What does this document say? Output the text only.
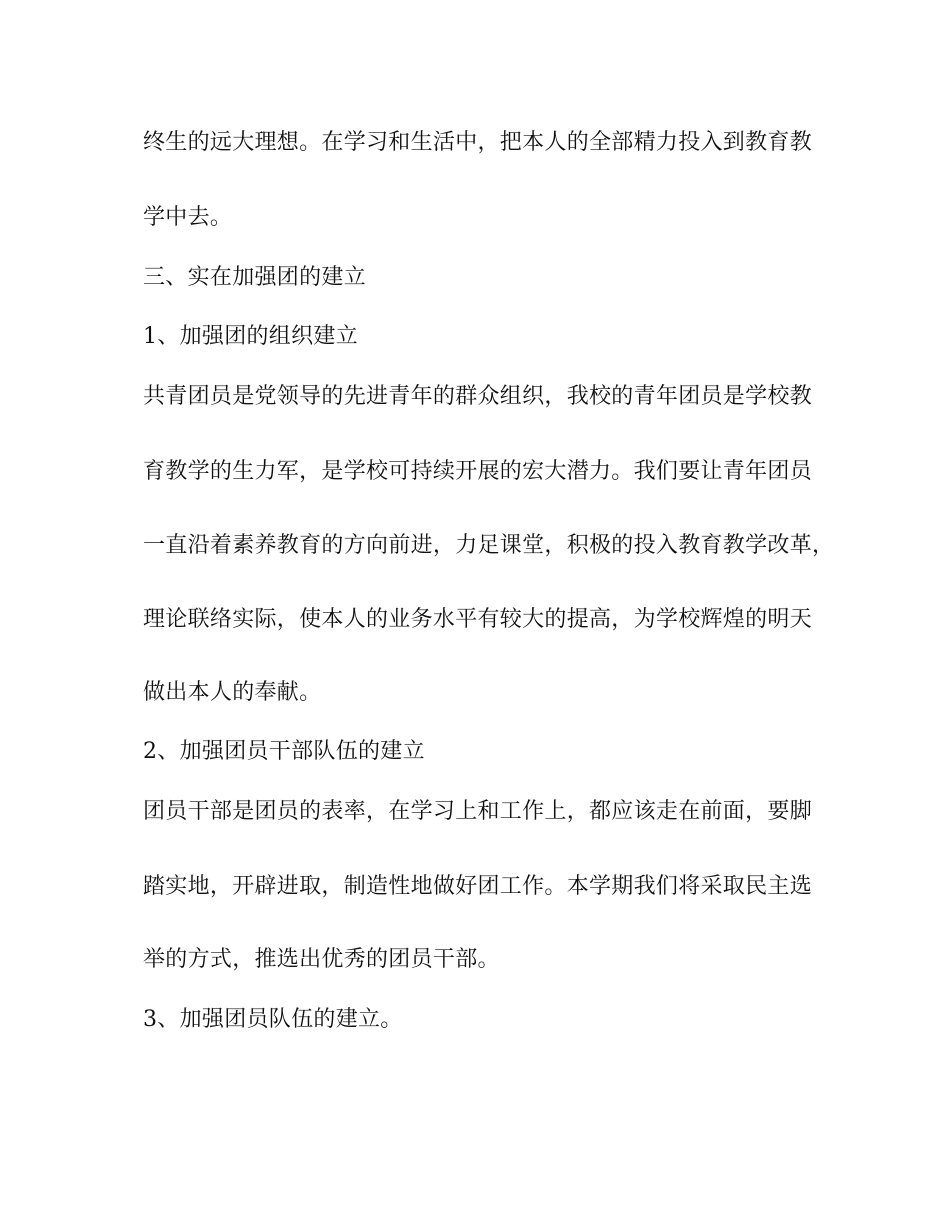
终生的远大理想。在学习和生活中，把本人的全部精力投入到教育教
学中去。
三、实在加强团的建立
1、加强团的组织建立
共青团员是党领导的先进青年的群众组织，我校的青年团员是学校教
育教学的生力军，是学校可持续开展的宏大潜力。我们要让青年团员
一直沿着素养教育的方向前进，力足课堂，积极的投入教育教学改革，
理论联络实际，使本人的业务水平有较大的提高，为学校辉煌的明天
做出本人的奉献。
2、加强团员干部队伍的建立
团员干部是团员的表率，在学习上和工作上，都应该走在前面，要脚
踏实地，开辟进取，制造性地做好团工作。本学期我们将采取民主选
举的方式，推选出优秀的团员干部。
3、加强团员队伍的建立。
